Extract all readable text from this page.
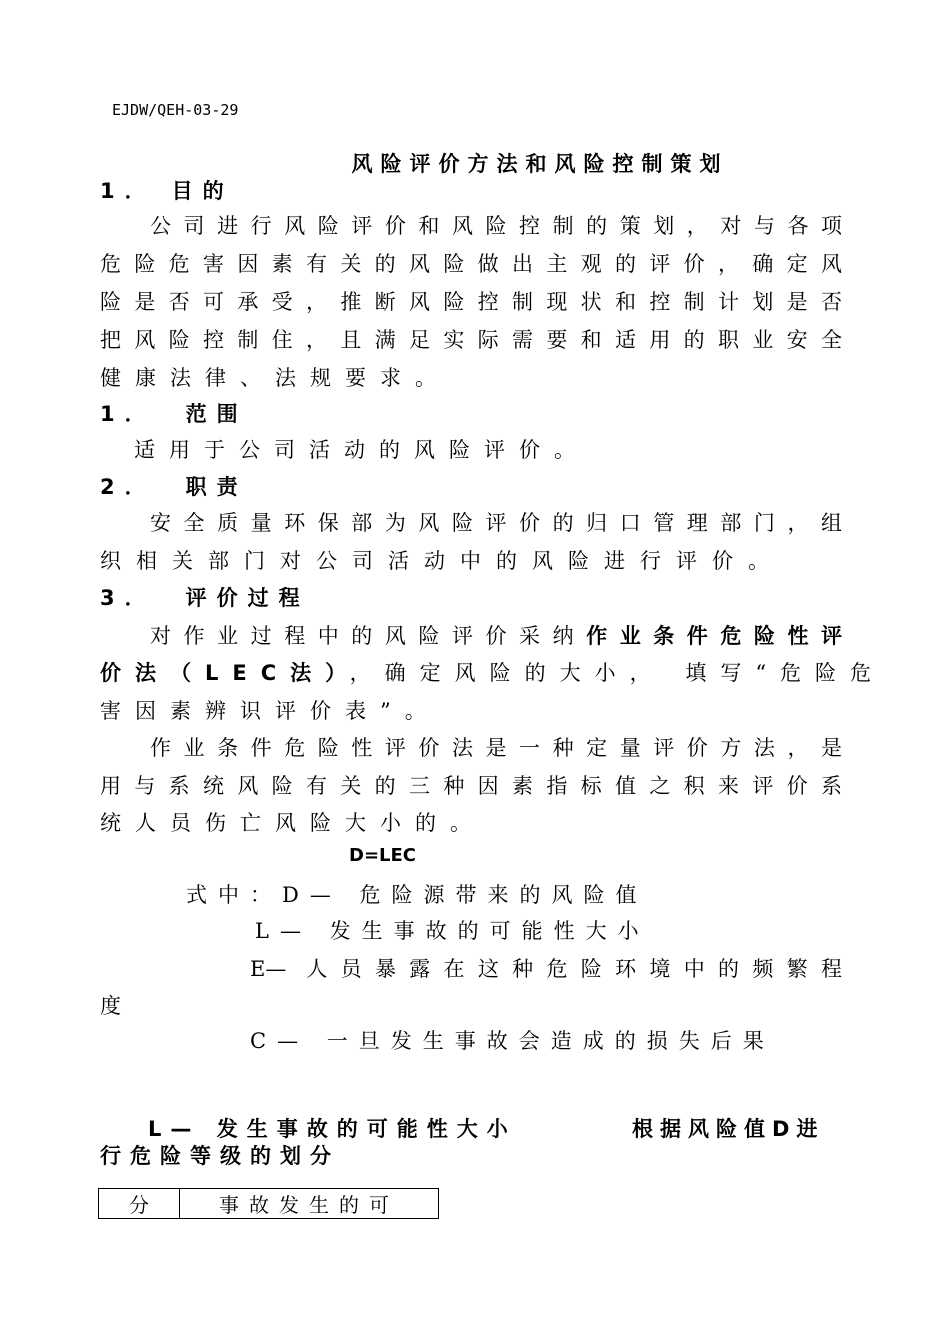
EJDW/QEH-03-29
风险评价方法和风险控制策划
1． 目的
公司进行风险评价和风险控制的策划，对与各项
危险危害因素有关的风险做出主观的评价，确定风
险是否可承受，推断风险控制现状和控制计划是否
把风险控制住，且满足实际需要和适用的职业安全
健康法律、法规要求。
1． 范围
适用于公司活动的风险评价。
2． 职责
安全质量环保部为风险评价的归口管理部门，组
织相关部门对公司活动中的风险进行评价。
3． 评价过程
对作业过程中的风险评价采纳作业条件危险性评
价法（LEC法），确定风险的大小， 填写“危险危
害因素辨识评价表”。
作业条件危险性评价法是一种定量评价方法，是
用与系统风险有关的三种因素指标值之积来评价系
统人员伤亡风险大小的。
D=LEC
式中：D— 危险源带来的风险值
L— 发生事故的可能性大小
E— 人员暴露在这种危险环境中的频繁程
度
C— 一旦发生事故会造成的损失后果
L— 发生事故的可能性大小	根据风险值D进
行危险等级的划分
分	事故发生的可
